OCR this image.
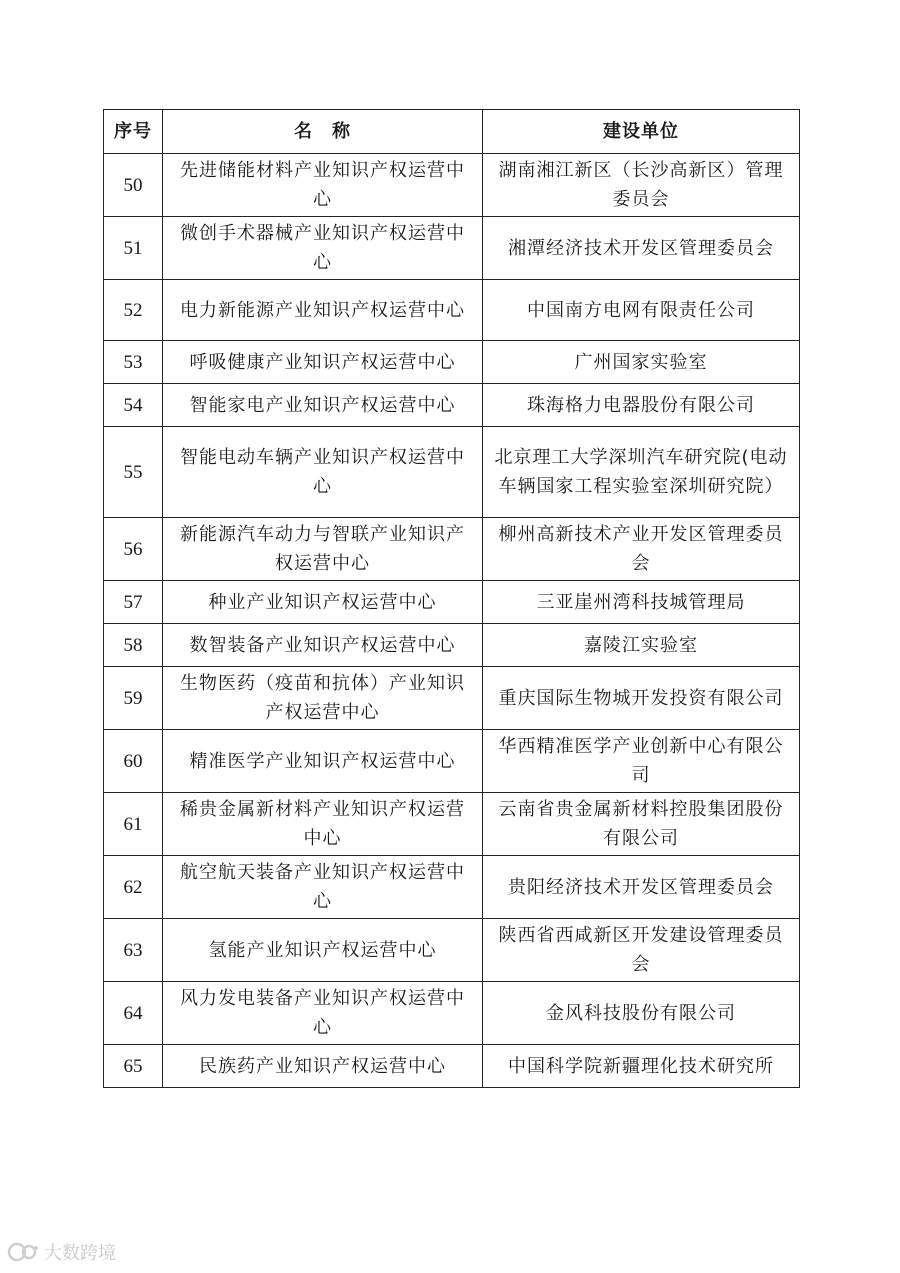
序号	名　称	建设单位
50	先进储能材料产业知识产权运营中心	湖南湘江新区（长沙高新区）管理委员会
51	微创手术器械产业知识产权运营中心	湘潭经济技术开发区管理委员会
52	电力新能源产业知识产权运营中心	中国南方电网有限责任公司
53	呼吸健康产业知识产权运营中心	广州国家实验室
54	智能家电产业知识产权运营中心	珠海格力电器股份有限公司
55	智能电动车辆产业知识产权运营中心	北京理工大学深圳汽车研究院(电动车辆国家工程实验室深圳研究院）
56	新能源汽车动力与智联产业知识产权运营中心	柳州高新技术产业开发区管理委员会
57	种业产业知识产权运营中心	三亚崖州湾科技城管理局
58	数智装备产业知识产权运营中心	嘉陵江实验室
59	生物医药（疫苗和抗体）产业知识产权运营中心	重庆国际生物城开发投资有限公司
60	精准医学产业知识产权运营中心	华西精准医学产业创新中心有限公司
61	稀贵金属新材料产业知识产权运营中心	云南省贵金属新材料控股集团股份有限公司
62	航空航天装备产业知识产权运营中心	贵阳经济技术开发区管理委员会
63	氢能产业知识产权运营中心	陕西省西咸新区开发建设管理委员会
64	风力发电装备产业知识产权运营中心	金风科技股份有限公司
65	民族药产业知识产权运营中心	中国科学院新疆理化技术研究所
大数跨境
